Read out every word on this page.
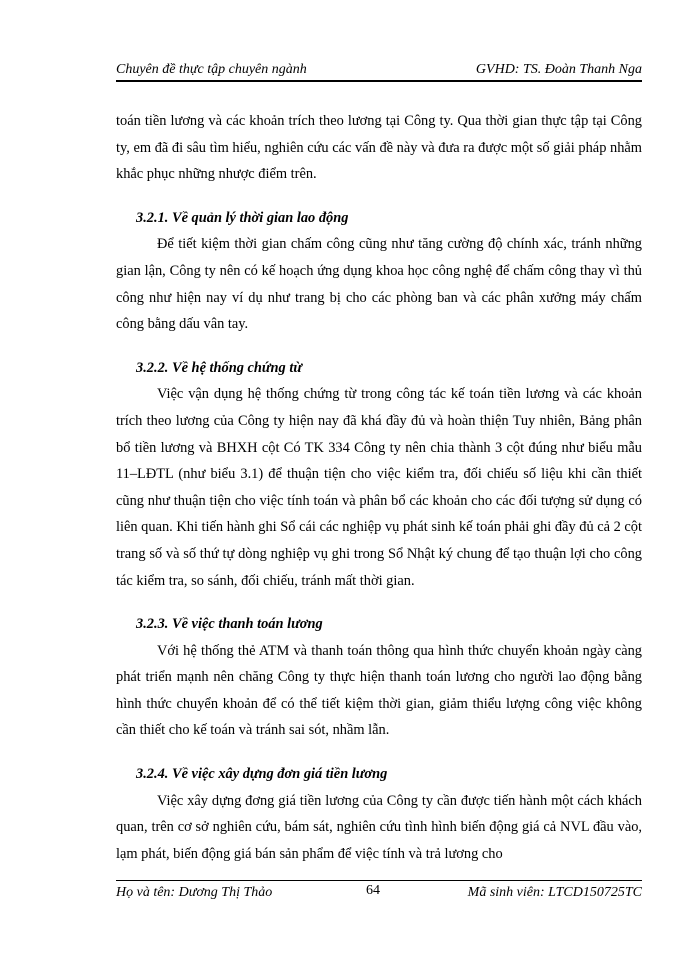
Chuyên đề thực tập chuyên ngành	GVHD: TS. Đoàn Thanh Nga

toán tiền lương và các khoản trích theo lương tại Công ty. Qua thời gian thực tập tại Công ty, em đã đi sâu tìm hiểu, nghiên cứu các vấn đề này và đưa ra được một số giải pháp nhằm khắc phục những nhược điểm trên.

3.2.1. Về quản lý thời gian lao động

Để tiết kiệm thời gian chấm công cũng như tăng cường độ chính xác, tránh những gian lận, Công ty nên có kế hoạch ứng dụng khoa học công nghệ để chấm công thay vì thủ công như hiện nay ví dụ như trang bị cho các phòng ban và các phân xưởng máy chấm công bằng dấu vân tay.

3.2.2. Về hệ thống chứng từ

Việc vận dụng hệ thống chứng từ trong công tác kế toán tiền lương và các khoản trích theo lương của Công ty hiện nay đã khá đầy đủ và hoàn thiện Tuy nhiên, Bảng phân bổ tiền lương và BHXH cột Có TK 334 Công ty nên chia thành 3 cột đúng như biểu mẫu 11–LĐTL (như biểu 3.1) để thuận tiện cho việc kiểm tra, đối chiếu số liệu khi cần thiết cũng như thuận tiện cho việc tính toán và phân bổ các khoản cho các đối tượng sử dụng có liên quan. Khi tiến hành ghi Sổ cái các nghiệp vụ phát sinh kế toán phải ghi đầy đủ cả 2 cột trang số và số thứ tự dòng nghiệp vụ ghi trong Sổ Nhật ký chung để tạo thuận lợi cho công tác kiểm tra, so sánh, đối chiếu, tránh mất thời gian.

3.2.3. Về việc thanh toán lương

Với hệ thống thẻ ATM và thanh toán thông qua hình thức chuyển khoản ngày càng phát triển mạnh nên chăng Công ty thực hiện thanh toán lương cho người lao động bằng hình thức chuyển khoản để có thể tiết kiệm thời gian, giảm thiểu lượng công việc không cần thiết cho kế toán và tránh sai sót, nhầm lẫn.

3.2.4. Về việc xây dựng đơn giá tiền lương

Việc xây dựng đơng giá tiền lương của Công ty cần được tiến hành một cách khách quan, trên cơ sở nghiên cứu, bám sát, nghiên cứu tình hình biến động giá cả NVL đầu vào, lạm phát, biến động giá bán sản phẩm để việc tính và trả lương cho

Họ và tên: Dương Thị Thảo	64	Mã sinh viên: LTCD150725TC
